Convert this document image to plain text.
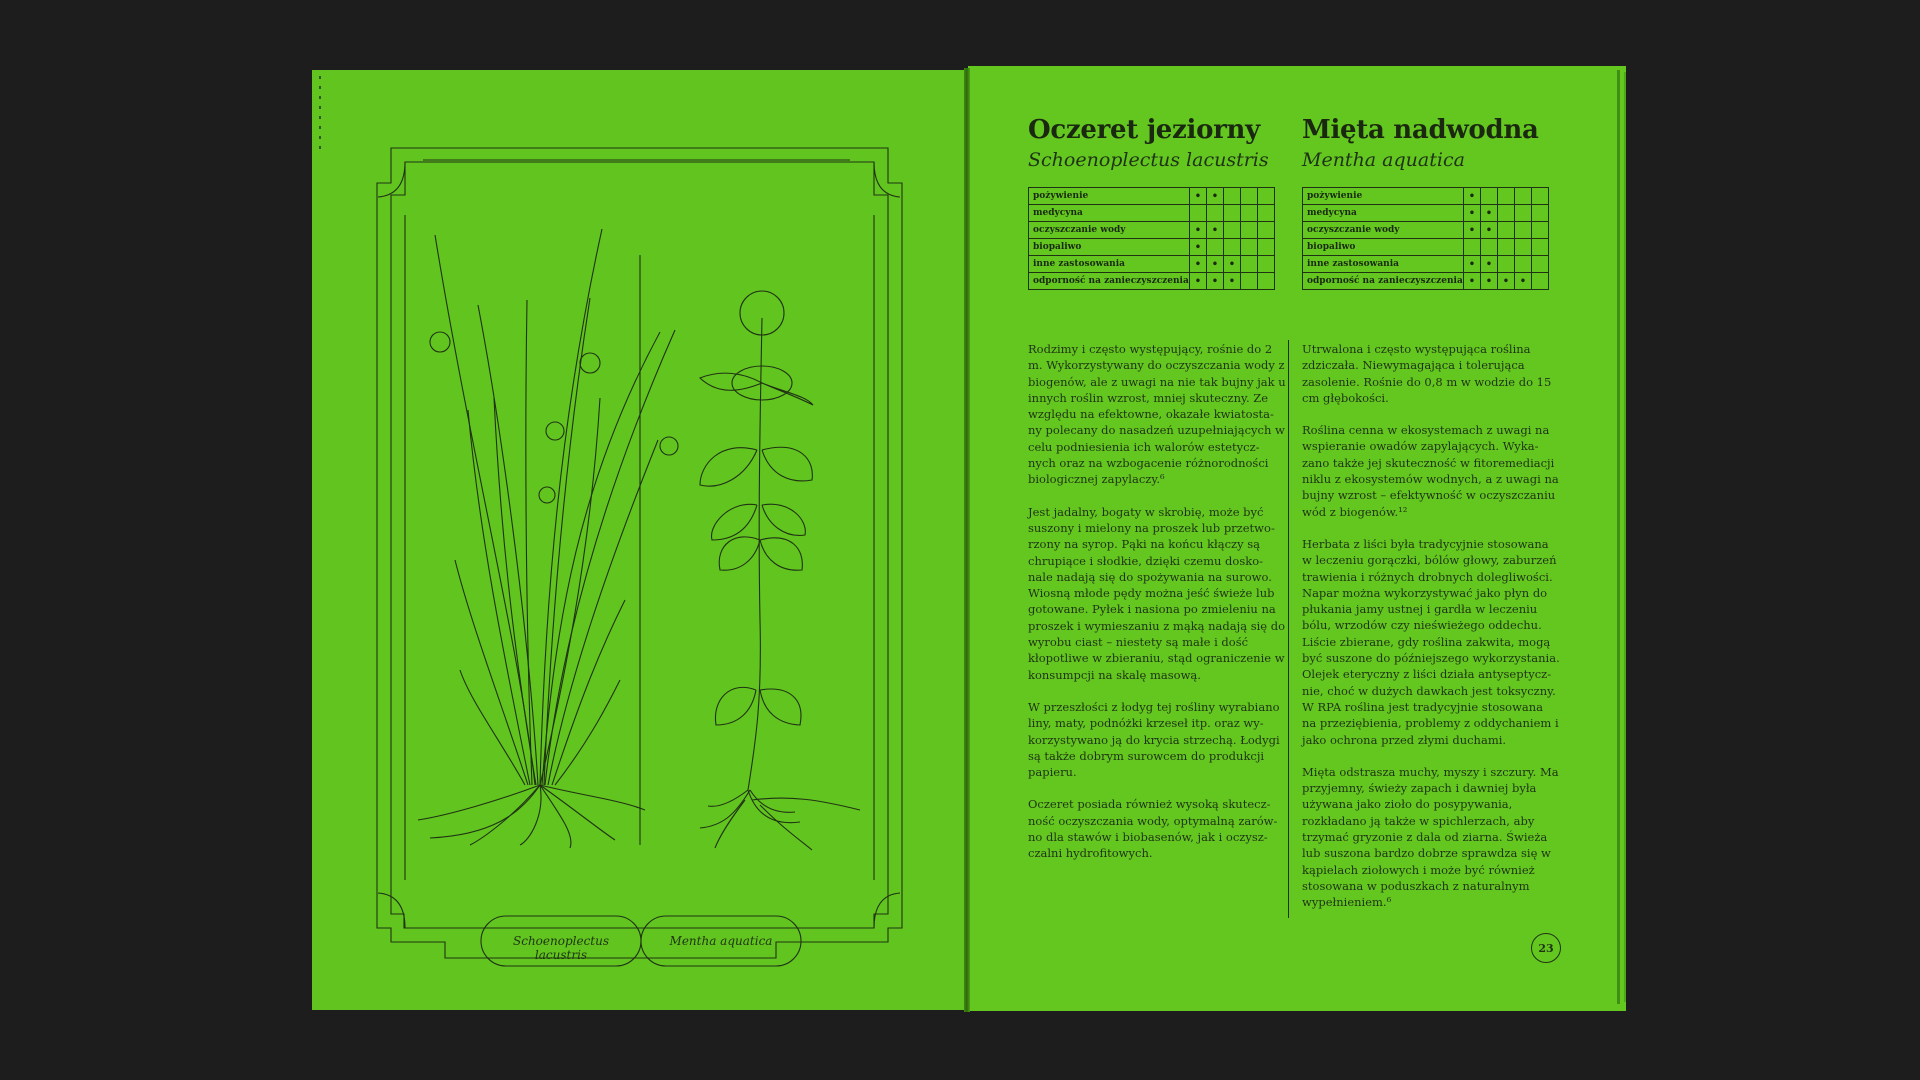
Schoenoplectus lacustris
Mentha aquatica
Oczeret jeziorny
Schoenoplectus lacustris
pożywienie	•	•			
medycyna					
oczyszczanie wody	•	•			
biopaliwo	•				
inne zastosowania	•	•	•		
odporność na zanieczyszczenia	•	•	•		

Rodzimy i często występujący, rośnie do 2 m. Wykorzystywany do oczyszczania wody z biogenów, ale z uwagi na nie tak bujny jak u innych roślin wzrost, mniej skuteczny. Ze względu na efektowne, okazałe kwiatosta- ny polecany do nasadzeń uzupełniających w celu podniesienia ich walorów estetycz- nych oraz na wzbogacenie różnorodności biologicznej zapylaczy.⁶

Jest jadalny, bogaty w skrobię, może być suszony i mielony na proszek lub przetwo- rzony na syrop. Pąki na końcu kłączy są chrupiące i słodkie, dzięki czemu dosko- nale nadają się do spożywania na surowo. Wiosną młode pędy można jeść świeże lub gotowane. Pyłek i nasiona po zmieleniu na proszek i wymieszaniu z mąką nadają się do wyrobu ciast – niestety są małe i dość kłopotliwe w zbieraniu, stąd ograniczenie w konsumpcji na skalę masową.

W przeszłości z łodyg tej rośliny wyrabiano liny, maty, podnóżki krzeseł itp. oraz wy- korzystywano ją do krycia strzechą. Łodygi są także dobrym surowcem do produkcji papieru.

Oczeret posiada również wysoką skutecz- ność oczyszczania wody, optymalną zarów- no dla stawów i biobasenów, jak i oczysz- czalni hydrofitowych.

Mięta nadwodna
Mentha aquatica
pożywienie	•				
medycyna	•	•			
oczyszczanie wody	•	•			
biopaliwo					
inne zastosowania	•	•			
odporność na zanieczyszczenia	•	•	•	•	

Utrwalona i często występująca roślina zdziczała. Niewymagająca i tolerująca zasolenie. Rośnie do 0,8 m w wodzie do 15 cm głębokości.

Roślina cenna w ekosystemach z uwagi na wspieranie owadów zapylających. Wyka- zano także jej skuteczność w fitoremediacji niklu z ekosystemów wodnych, a z uwagi na bujny wzrost – efektywność w oczyszczaniu wód z biogenów.¹²

Herbata z liści była tradycyjnie stosowana w leczeniu gorączki, bólów głowy, zaburzeń trawienia i różnych drobnych dolegliwości. Napar można wykorzystywać jako płyn do płukania jamy ustnej i gardła w leczeniu bólu, wrzodów czy nieświeżego oddechu. Liście zbierane, gdy roślina zakwita, mogą być suszone do późniejszego wykorzystania. Olejek eteryczny z liści działa antyseptycz- nie, choć w dużych dawkach jest toksyczny. W RPA roślina jest tradycyjnie stosowana na przeziębienia, problemy z oddychaniem i jako ochrona przed złymi duchami.

Mięta odstrasza muchy, myszy i szczury. Ma przyjemny, świeży zapach i dawniej była używana jako zioło do posypywania, rozkładano ją także w spichlerzach, aby trzymać gryzonie z dala od ziarna. Świeża lub suszona bardzo dobrze sprawdza się w kąpielach ziołowych i może być również stosowana w poduszkach z naturalnym wypełnieniem.⁶

23
